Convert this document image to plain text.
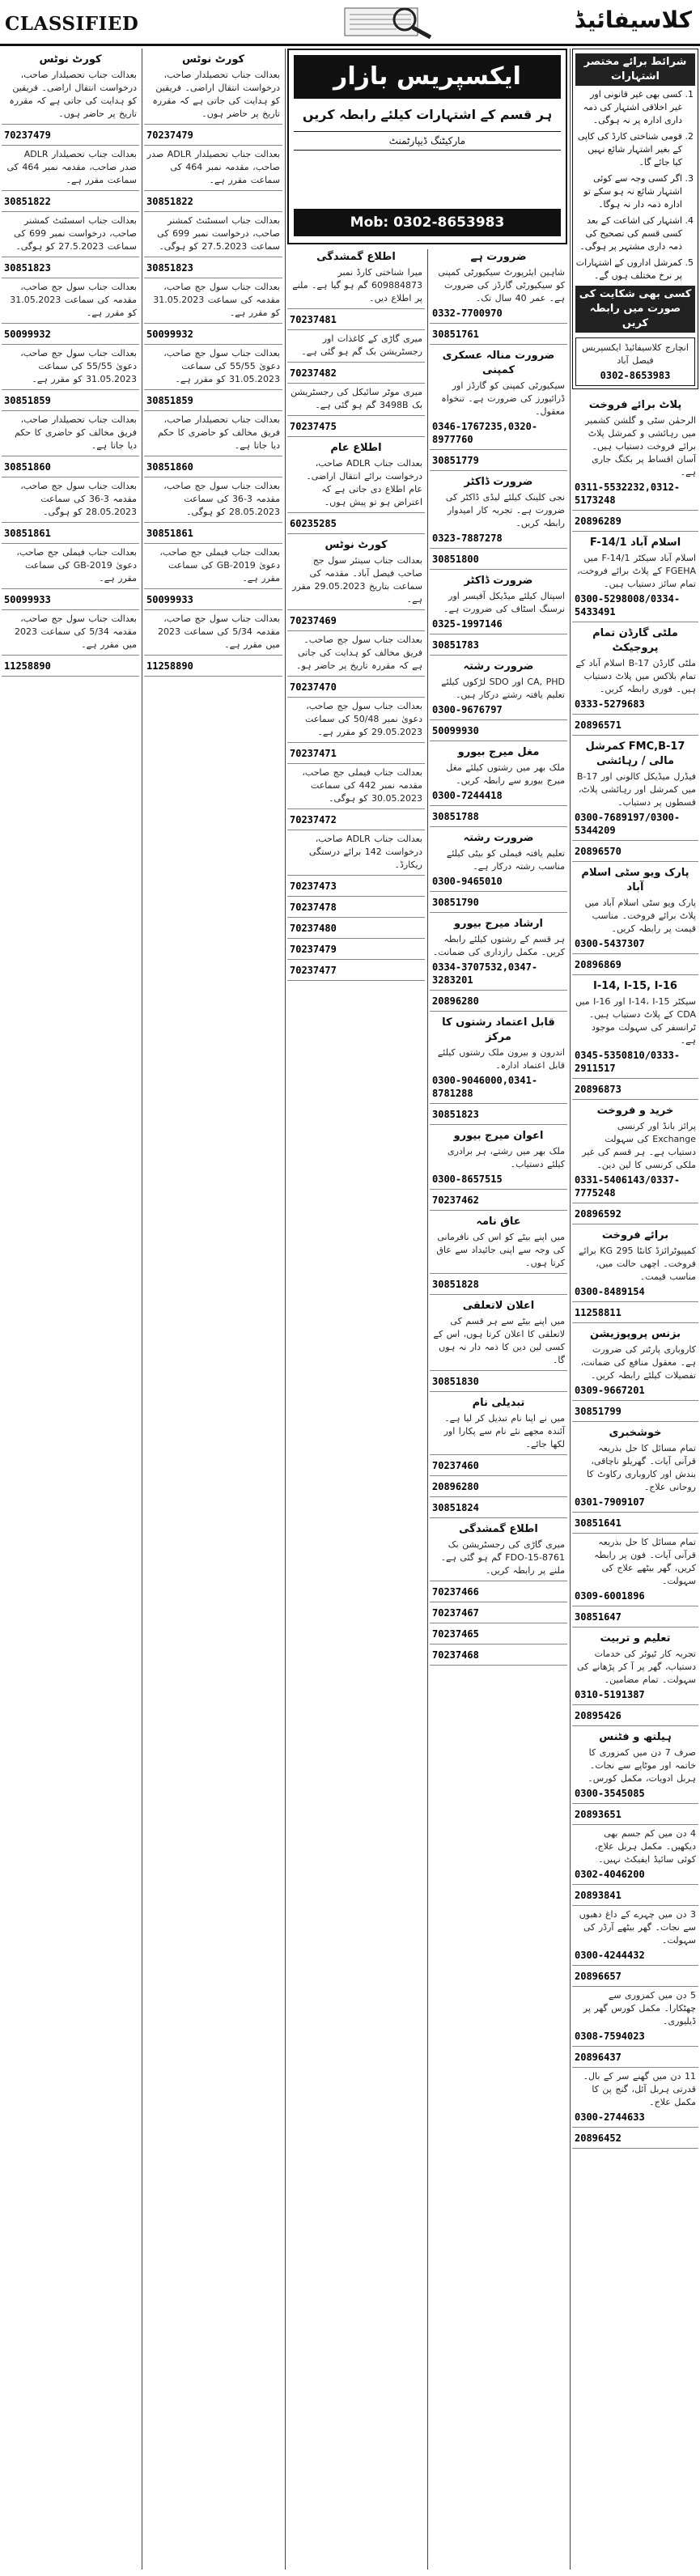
CLASSIFIED	کلاسیفائیڈ
شرائط برائے مختصر اشتہارات
1. کسی بھی غیر قانونی اور غیر اخلاقی اشتہار کی ذمہ داری ادارہ پر نہ ہوگی۔
2. قومی شناختی کارڈ کی کاپی کے بغیر اشتہار شائع نہیں کیا جائے گا۔
3. اگر کسی وجہ سے کوئی اشتہار شائع نہ ہو سکے تو ادارہ ذمہ دار نہ ہوگا۔
4. اشتہار کی اشاعت کے بعد کسی قسم کی تصحیح کی ذمہ داری مشتہر پر ہوگی۔
5. کمرشل اداروں کے اشتہارات پر نرخ مختلف ہوں گے۔
کسی بھی شکایت کی صورت میں رابطہ کریں
انچارج کلاسیفائیڈ ایکسپریس فیصل آباد
0302-8653983
پلاٹ برائے فروخت
الرحمٰن سٹی و گلشن کشمیر میں رہائشی و کمرشل پلاٹ برائے فروخت دستیاب ہیں۔ آسان اقساط پر بکنگ جاری ہے۔
0311-5532232,0312-5173248
20896289
اسلام آباد F-14/1
اسلام آباد سیکٹر F-14/1 میں FGEHA کے پلاٹ برائے فروخت، تمام سائز دستیاب ہیں۔
0300-5298008/0334-5433491
ملٹی گارڈن تمام پروجیکٹ
ملٹی گارڈن B-17 اسلام آباد کے تمام بلاکس میں پلاٹ دستیاب ہیں۔ فوری رابطہ کریں۔
0333-5279683
20896571
FMC,B-17 کمرشل مالی / رہائشی
فیڈرل میڈیکل کالونی اور B-17 میں کمرشل اور رہائشی پلاٹ، قسطوں پر دستیاب۔
0300-7689197/0300-5344209
20896570
پارک ویو سٹی اسلام آباد
پارک ویو سٹی اسلام آباد میں پلاٹ برائے فروخت۔ مناسب قیمت پر رابطہ کریں۔
0300-5437307
20896869
I-14, I-15, I-16
سیکٹر I-14، I-15 اور I-16 میں CDA کے پلاٹ دستیاب ہیں۔ ٹرانسفر کی سہولت موجود ہے۔
0345-5350810/0333-2911517
20896873
خرید و فروخت
پرائز بانڈ اور کرنسی Exchange کی سہولت دستیاب ہے۔ ہر قسم کی غیر ملکی کرنسی کا لین دین۔
0331-5406143/0337-7775248
20896592
برائے فروخت
کمپیوٹرائزڈ کانٹا 295 KG برائے فروخت۔ اچھی حالت میں، مناسب قیمت۔
0300-8489154
11258811
بزنس پروپوزیشن
کاروباری پارٹنر کی ضرورت ہے۔ معقول منافع کی ضمانت، تفصیلات کیلئے رابطہ کریں۔
0309-9667201
30851799
خوشخبری
تمام مسائل کا حل بذریعہ قرآنی آیات۔ گھریلو ناچاقی، بندش اور کاروباری رکاوٹ کا روحانی علاج۔
0301-7909107
30851641
تمام مسائل کا حل بذریعہ قرآنی آیات۔ فون پر رابطہ کریں، گھر بیٹھے علاج کی سہولت۔
0309-6001896
30851647
تعلیم و تربیت
تجربہ کار ٹیوٹر کی خدمات دستیاب، گھر پر آ کر پڑھانے کی سہولت۔ تمام مضامین۔
0310-5191387
20895426
ہیلتھ و فٹنس
صرف 7 دن میں کمزوری کا خاتمہ اور موٹاپے سے نجات۔ ہربل ادویات، مکمل کورس۔
0300-3545085
20893651
4 دن میں کم جسم بھی دیکھیں۔ مکمل ہربل علاج، کوئی سائیڈ ایفیکٹ نہیں۔
0302-4046200
20893841
3 دن میں چہرے کے داغ دھبوں سے نجات۔ گھر بیٹھے آرڈر کی سہولت۔
0300-4244432
20896657
5 دن میں کمزوری سے چھٹکارا۔ مکمل کورس گھر پر ڈیلیوری۔
0308-7594023
20896437
11 دن میں گھنے سر کے بال۔ قدرتی ہربل آئل، گنج پن کا مکمل علاج۔
0300-2744633
20896452
ضرورت ہے
شاہین ایئرپورٹ سیکیورٹی کمپنی کو سیکیورٹی گارڈز کی ضرورت ہے۔ عمر 40 سال تک۔
0332-7700970
30851761
ضرورت منالہ عسکری کمپنی
سیکیورٹی کمپنی کو گارڈز اور ڈرائیورز کی ضرورت ہے۔ تنخواہ معقول۔
0346-1767235,0320-8977760
30851779
ضرورت ڈاکٹر
نجی کلینک کیلئے لیڈی ڈاکٹر کی ضرورت ہے۔ تجربہ کار امیدوار رابطہ کریں۔
0323-7887278
30851800
ضرورت ڈاکٹر
اسپتال کیلئے میڈیکل آفیسر اور نرسنگ اسٹاف کی ضرورت ہے۔
0325-1997146
30851783
ضرورت رشتہ
CA, PHD اور SDO لڑکوں کیلئے تعلیم یافتہ رشتے درکار ہیں۔
0300-9676797
50099930
مغل میرج بیورو
ملک بھر میں رشتوں کیلئے مغل میرج بیورو سے رابطہ کریں۔
0300-7244418
30851788
ضرورت رشتہ
تعلیم یافتہ فیملی کو بیٹی کیلئے مناسب رشتہ درکار ہے۔
0300-9465010
30851790
ارشاد میرج بیورو
ہر قسم کے رشتوں کیلئے رابطہ کریں۔ مکمل رازداری کی ضمانت۔
0334-3707532,0347-3283201
20896280
قابل اعتماد رشتوں کا مرکز
اندرون و بیرون ملک رشتوں کیلئے قابل اعتماد ادارہ۔
0300-9046000,0341-8781288
30851823
اعوان میرج بیورو
ملک بھر میں رشتے، ہر برادری کیلئے دستیاب۔
0300-8657515
70237462
عاق نامہ
میں اپنے بیٹے کو اس کی نافرمانی کی وجہ سے اپنی جائیداد سے عاق کرتا ہوں۔
30851828
اعلان لاتعلقی
میں اپنے بیٹے سے ہر قسم کی لاتعلقی کا اعلان کرتا ہوں، اس کے کسی لین دین کا ذمہ دار نہ ہوں گا۔
30851830
تبدیلی نام
میں نے اپنا نام تبدیل کر لیا ہے۔ آئندہ مجھے نئے نام سے پکارا اور لکھا جائے۔
70237460
20896280
30851824
اطلاع گمشدگی
میری گاڑی کی رجسٹریشن بک FDO-15-8761 گم ہو گئی ہے۔ ملنے پر رابطہ کریں۔
70237466
70237467
70237465
70237468
اطلاع گمشدگی
میرا شناختی کارڈ نمبر 609884873 گم ہو گیا ہے۔ ملنے پر اطلاع دیں۔
70237481
میری گاڑی کے کاغذات اور رجسٹریشن بک گم ہو گئی ہے۔
70237482
میری موٹر سائیکل کی رجسٹریشن بک 3498B گم ہو گئی ہے۔
70237475
اطلاع عام
بعدالت جناب ADLR صاحب، درخواست برائے انتقال اراضی۔ عام اطلاع دی جاتی ہے کہ اعتراض ہو تو پیش ہوں۔
60235285
کورٹ نوٹس
بعدالت جناب سینئر سول جج صاحب فیصل آباد۔ مقدمہ کی سماعت بتاریخ 29.05.2023 مقرر ہے۔
70237469
بعدالت جناب سول جج صاحب۔ فریق مخالف کو ہدایت کی جاتی ہے کہ مقررہ تاریخ پر حاضر ہو۔
70237470
بعدالت جناب سول جج صاحب، دعویٰ نمبر 50/48 کی سماعت 29.05.2023 کو مقرر ہے۔
70237471
بعدالت جناب فیملی جج صاحب، مقدمہ نمبر 442 کی سماعت 30.05.2023 کو ہوگی۔
70237472
بعدالت جناب ADLR صاحب، درخواست 142 برائے درستگی ریکارڈ۔
70237473
70237478
70237480
70237479
70237477
ایکسپریس بازار
ہر قسم کے اشتہارات کیلئے رابطہ کریں
مارکیٹنگ ڈیپارٹمنٹ
Mob: 0302-8653983
کورٹ نوٹس
بعدالت جناب تحصیلدار صاحب، درخواست انتقال اراضی۔ فریقین کو ہدایت کی جاتی ہے کہ مقررہ تاریخ پر حاضر ہوں۔
70237479
بعدالت جناب تحصیلدار ADLR صدر صاحب، مقدمہ نمبر 464 کی سماعت مقرر ہے۔
30851822
بعدالت جناب اسسٹنٹ کمشنر صاحب، درخواست نمبر 699 کی سماعت 27.5.2023 کو ہوگی۔
30851823
بعدالت جناب سول جج صاحب، مقدمہ کی سماعت 31.05.2023 کو مقرر ہے۔
50099932
بعدالت جناب سول جج صاحب، دعویٰ 55/55 کی سماعت 31.05.2023 کو مقرر ہے۔
30851859
بعدالت جناب تحصیلدار صاحب، فریق مخالف کو حاضری کا حکم دیا جاتا ہے۔
30851860
بعدالت جناب سول جج صاحب، مقدمہ 3-36 کی سماعت 28.05.2023 کو ہوگی۔
30851861
بعدالت جناب فیملی جج صاحب، دعویٰ GB-2019 کی سماعت مقرر ہے۔
50099933
بعدالت جناب سول جج صاحب، مقدمہ 5/34 کی سماعت 2023 میں مقرر ہے۔
11258890
کورٹ نوٹس
بعدالت جناب تحصیلدار صاحب، درخواست انتقال اراضی۔ فریقین کو ہدایت کی جاتی ہے کہ مقررہ تاریخ پر حاضر ہوں۔
70237479
بعدالت جناب تحصیلدار ADLR صدر صاحب، مقدمہ نمبر 464 کی سماعت مقرر ہے۔
30851822
بعدالت جناب اسسٹنٹ کمشنر صاحب، درخواست نمبر 699 کی سماعت 27.5.2023 کو ہوگی۔
30851823
بعدالت جناب سول جج صاحب، مقدمہ کی سماعت 31.05.2023 کو مقرر ہے۔
50099932
بعدالت جناب سول جج صاحب، دعویٰ 55/55 کی سماعت 31.05.2023 کو مقرر ہے۔
30851859
بعدالت جناب تحصیلدار صاحب، فریق مخالف کو حاضری کا حکم دیا جاتا ہے۔
30851860
بعدالت جناب سول جج صاحب، مقدمہ 3-36 کی سماعت 28.05.2023 کو ہوگی۔
30851861
بعدالت جناب فیملی جج صاحب، دعویٰ GB-2019 کی سماعت مقرر ہے۔
50099933
بعدالت جناب سول جج صاحب، مقدمہ 5/34 کی سماعت 2023 میں مقرر ہے۔
11258890
